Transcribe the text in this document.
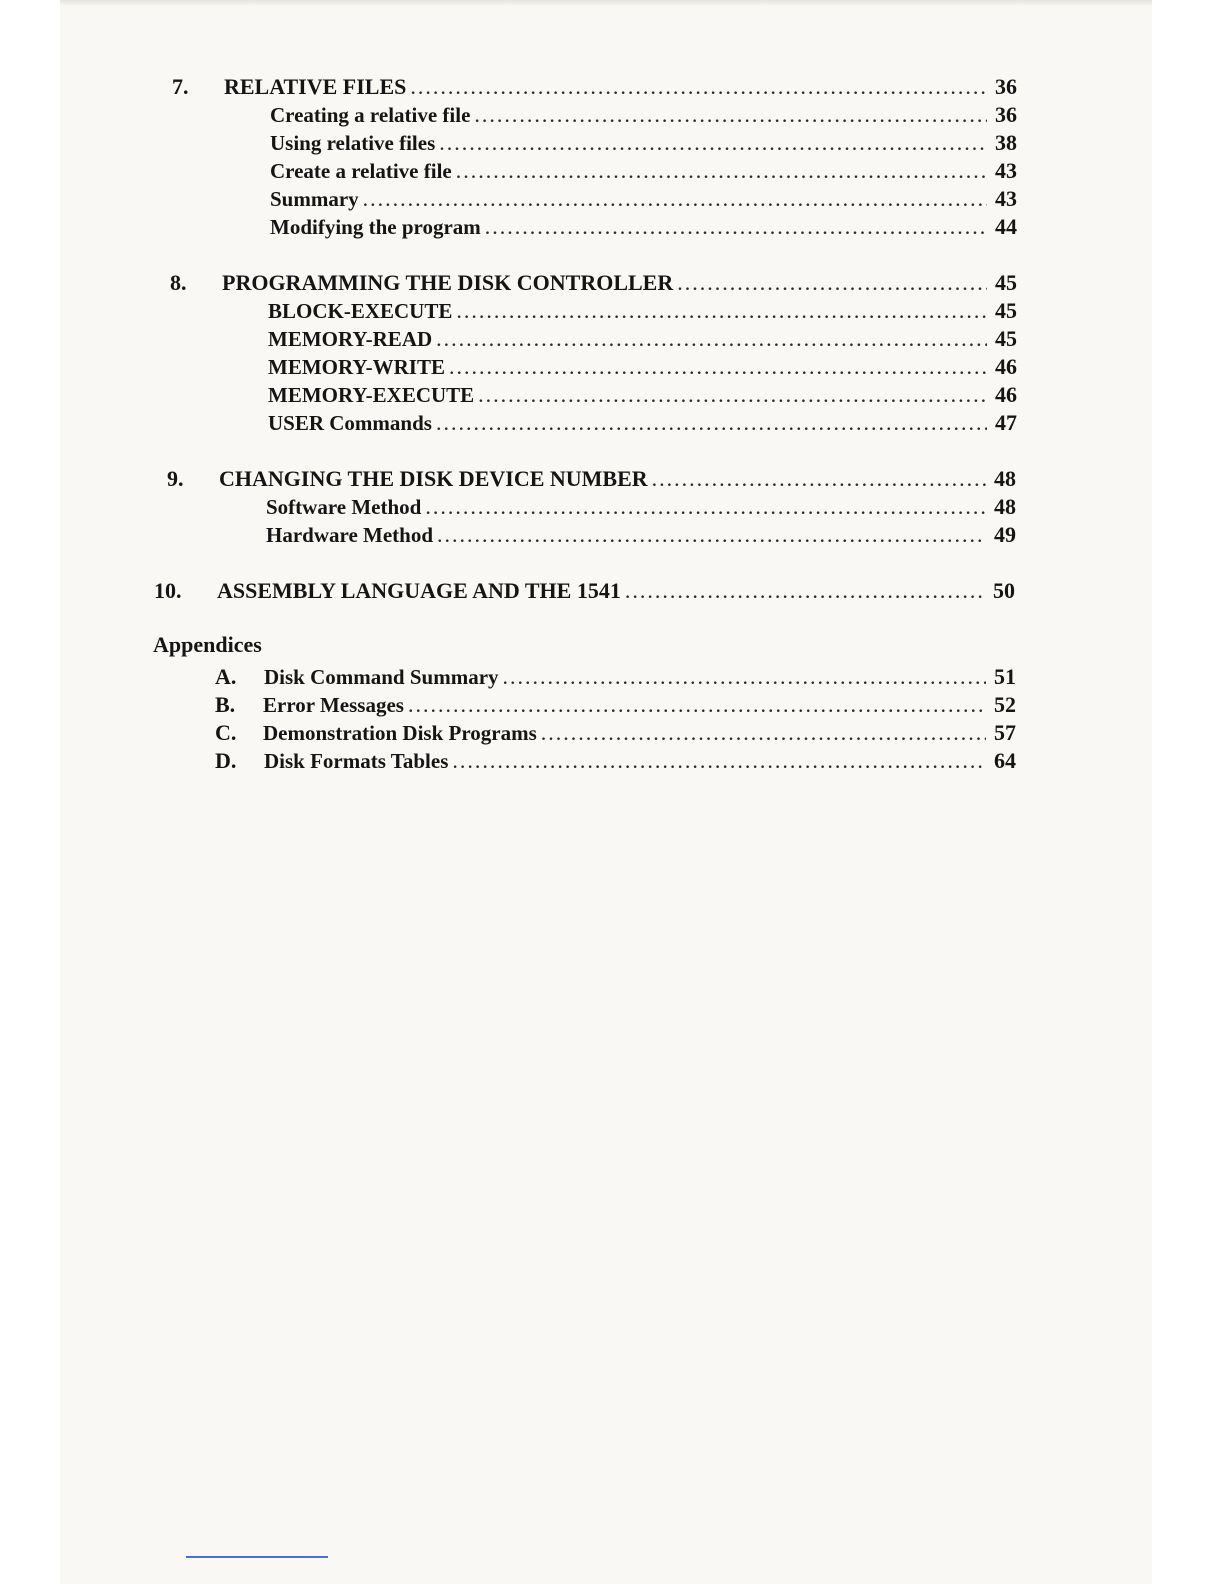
7. RELATIVE FILES .....	36
Creating a relative file .....	36
Using relative files .....	38
Create a relative file .....	43
Summary .....	43
Modifying the program .....	44
8. PROGRAMMING THE DISK CONTROLLER .....	45
BLOCK-EXECUTE .....	45
MEMORY-READ .....	45
MEMORY-WRITE .....	46
MEMORY-EXECUTE .....	46
USER Commands .....	47
9. CHANGING THE DISK DEVICE NUMBER .....	48
Software Method .....	48
Hardware Method .....	49
10. ASSEMBLY LANGUAGE AND THE 1541 .....	50
Appendices
A. Disk Command Summary .....	51
B. Error Messages .....	52
C. Demonstration Disk Programs .....	57
D. Disk Formats Tables .....	64
